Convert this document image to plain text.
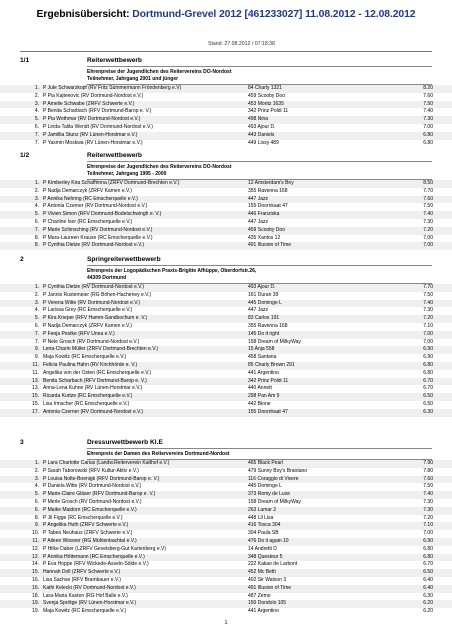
Ergebnisübersicht: Dortmund-Grevel 2012 [461233027] 11.08.2012 - 12.08.2012
Stand: 27.08.2012 / 07:18:38
1/1	Reiterwettbewerb
Ehrenpreise der Jugendlichen des Reitervereins DO-Nordost
Teilnehmer, Jahrgang 2001 und jünger
1. P Jule Schwarzkopf (RV Fritz Sümmermann Fröndenberg e.V)	84 Charly 1321	8.20
2. P Pia Kajteeovic (RV Dortmund-Nordost e.V.)	459 Scooby Doo	7.60
3. P Amelie Schwabe (ZRFV Schwerte e.V.)	453 Moritz 1635	7.50
4. P Benita Scharbach (RFV Dortmund-Barop e. V.)	342 Prinz Poldi 11	7.40
5. P Pia Wothmar (RV Dortmund-Nordost e.V.)	498 Nina	7.30
6. P Linda-Talita Wendt (RV Dortmund-Nordost e.V.)	493 Ajour D.	7.00
7. P Jamillia Stunz (RV Lünen-Horstmar e.V.)	443 Daniels	6.80
7. P Yasmin Moskwa (RV Lünen-Horstmar e.V.)	449 Lissy 489	6.80
1/2	Reiterwettbewerb
Ehrenpreise der Jugendlichen des Reitervereins DO-Nordost
Teilnehmer, Jahrgang 1995 - 2000
1. P Kimberley Kira Schaffrinna (ZRFV Dortmund-Brechten e.V.)	12 Amsterdam's Boy	8.50
2. P Nadja Demarczyk (ZRFV Kamen e.V.)	355 Ravenna 168	7.70
3. P Annika Nehring (RC Emscherquelle e.V.)	447 Jazz	7.60
4. P Antonia Czerner (RV Dortmund-Nordost e.V.)	155 Doornkaat 47	7.50
5. P Vivien Simon (RFV Dortmund-Bodelschwingh e. V.)	446 Franziska	7.40
6. P Charline Iser (RC Emscherquelle e.V.)	447 Jazz	7.30
7. P Marie Schinsching (RV Dortmund-Nordost e.V.)	459 Scooby Doo	7.20
8. P Mara-Laureen Krause (RC Emscherquelle e.V.)	435 Xantos 12	7.00
8. P Cynthia Dietze (RV Dortmund-Nordost e.V.)	491 Illusion of Time	7.00
2	Springreiterwettbewerb
Ehrenpreis der Logopädischen Praxis-Brigitte Afhüppe, Oberdorfstr.26,
44309 Dortmund
1. P Cynthia Dietze (RV Dortmund-Nordost e.V.)	493 Ajour D.	7.70
2. P Jannis Rustemeier (RG Böhen-Hacheney e.V.)	161 Duran 39	7.50
3. P Verena Witte (RV Dortmund-Nordost e.V.)	445 Dominge L	7.40
4. P Larissa Grey (RC Emscherquelle e.V.)	447 Jazz	7.30
5. P Kira Kneper (RFV Hamm-Sandbochum e. V.)	83 Carlos 191	7.20
6. P Nadja Demarczyk (ZRFV Kamen e.V.)	355 Ravenna 168	7.10
7. P Fenja Pestke (RFV Unna e.V.)	145 Do it right	7.00
7. P Nele Grosch (RV Dortmund-Nordost e.V.)	158 Dream of MilkyWay	7.00
9. Lena-Charin Müller (ZRFV Dortmund-Brechten e.V.)	15 Anja 558	6.90
9. Maja Kowitz (RC Emscherquelle e.V.)	458 Santana	6.90
11. Felicia Paulina Hahn (RV Kirchhörde e. V.)	85 Charly Brown 291	6.80
11. Angelika von der Osten (RC Emscherquelle e.V.)	441 Argentino	6.80
13. Benita Scharbach (RFV Dortmund-Barop e. V.)	342 Prinz Poldi 11	6.70
13. Anna-Lena Kuhne (RV Lünen-Horstmar e.V.)	440 Annett	6.70
15. Ricarda Kurtze (RC Emscherquelle e.V.)	298 Pan Am 9	6.50
15. Lisa Irmscher (RC Emscherquelle e.V.)	442 Bione	6.50
17. Antonia Czerner (RV Dortmund-Nordost e.V.)	155 Doornkaat 47	6.30
3	Dressurwettbewerb Kl.E
Ehrenpreis der Damen des Reitervereins Dortmund-Nordost
1. P Lara Charlotte Carius (Landw.Reiterverein Kalthof e.V.)	465 Black Pearl	7.90
2. P Sarah Taborowski (RFV Kultur-Aktiv e.V.)	479 Sunny Boy's Brantano	7.80
3. P Louisa Nolte-Boenigk (RFV Dortmund-Barop e. V.)	116 Coraggio di Vivere	7.60
4. P Daniela Witte (RV Dortmund-Nordost e.V.)	445 Dominge L	7.50
5. P Marie-Claire Gläser (RFV Dortmund-Barop e. V.)	373 Romy de Luxe	7.40
6. P Merle Grosch (RV Dortmund-Nordost e.V.)	158 Dream of MilkyWay	7.30
6. P Maike Maidorn (RC Emscherquelle e.V.)	263 Lumar 2	7.30
8. P Jil Figge (RC Emscherquelle e.V.)	448 Lil Lisa	7.20
9. P Angelika Huth (ZRFV Schwerte e.V.)	416 Tosca 304	7.10
10. P Tabea Neuhaus (ZRFV Schwerte e.V.)	304 Paula SB	7.00
11. P Aileen Wissner (RG Mühlenbachtal e.V.)	476 Do it again 10	6.90
12. P Hilke Daber (LZRFV Gevelsberg-Gut Kartenberg e.V)	14 Andretti D	6.80
12. P Annika Höttemann (RC Emscherquelle e.V.)	348 Questeur 5	6.80
14. P Eva Hoppe (RFV Wickede-Asseln-Sölde e.V.)	222 Kakao de Larbont	6.70
15. Hannah Doll (ZRFV Schwerte e.V.)	452 Mc Beth	6.50
16. Lisa Sachse (RFV Brambauer e.V.)	402 Sir Watson 3	6.40
16. Kathi Kelecki (RV Dortmund-Nordost e.V.)	491 Illusion of Time	6.40
18. Lara-Maria Kasten (RG Hof Balle e.V.)	487 Zemo	6.30
19. Svenja Sprötge (RV Lünen-Horstmar e.V.)	150 Dondolo 105	6.20
19. Maja Kowitz (RC Emscherquelle e.V.)	441 Argentino	6.20
1
